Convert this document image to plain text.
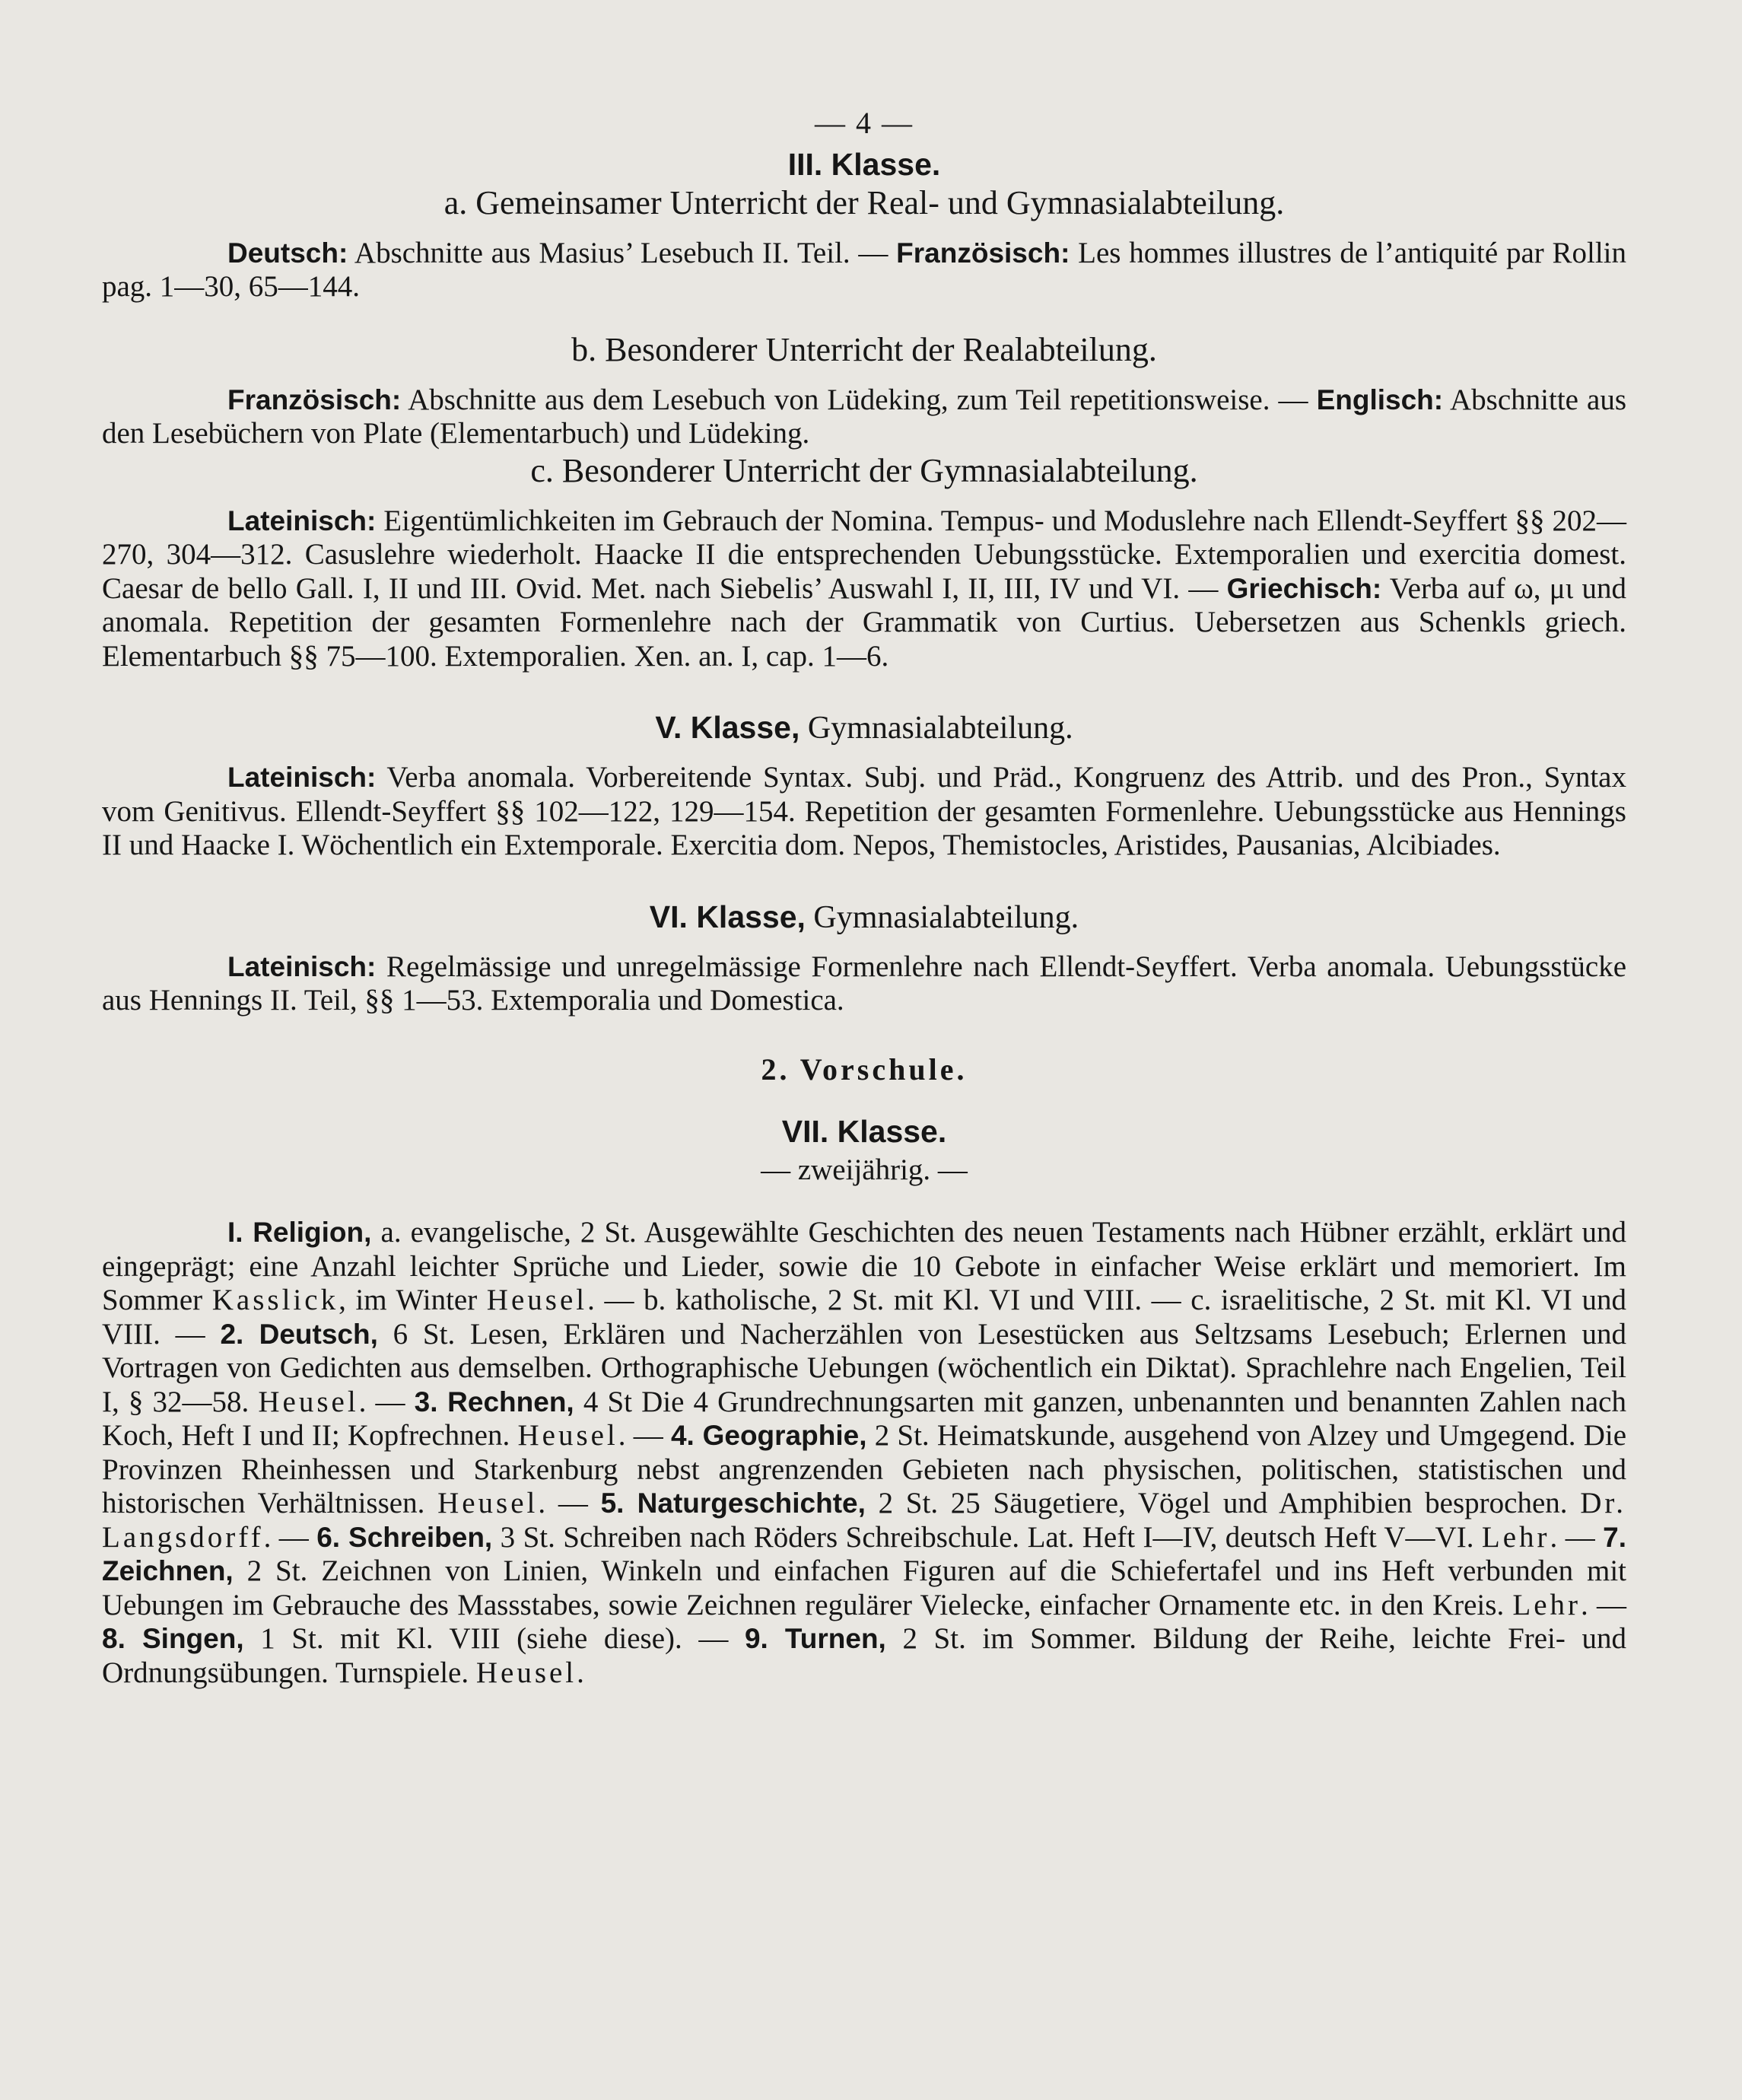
— 4 —

III. Klasse.

a. Gemeinsamer Unterricht der Real- und Gymnasialabteilung.

Deutsch: Abschnitte aus Masius’ Lesebuch II. Teil. — Französisch: Les hommes illustres de l’antiquité par Rollin pag. 1—30, 65—144.

b. Besonderer Unterricht der Realabteilung.

Französisch: Abschnitte aus dem Lesebuch von Lüdeking, zum Teil repetitionsweise. — Englisch: Abschnitte aus den Lesebüchern von Plate (Elementarbuch) und Lüdeking.

c. Besonderer Unterricht der Gymnasialabteilung.

Lateinisch: Eigentümlichkeiten im Gebrauch der Nomina. Tempus- und Moduslehre nach Ellendt-Seyffert §§ 202—270, 304—312. Casuslehre wiederholt. Haacke II die entsprechenden Uebungsstücke. Extemporalien und exercitia domest. Caesar de bello Gall. I, II und III. Ovid. Met. nach Siebelis’ Auswahl I, II, III, IV und VI. — Griechisch: Verba auf ω, μι und anomala. Repetition der gesamten Formenlehre nach der Grammatik von Curtius. Uebersetzen aus Schenkls griech. Elementarbuch §§ 75—100. Extemporalien. Xen. an. I, cap. 1—6.

V. Klasse, Gymnasialabteilung.

Lateinisch: Verba anomala. Vorbereitende Syntax. Subj. und Präd., Kongruenz des Attrib. und des Pron., Syntax vom Genitivus. Ellendt-Seyffert §§ 102—122, 129—154. Repetition der gesamten Formenlehre. Uebungsstücke aus Hennings II und Haacke I. Wöchentlich ein Extemporale. Exercitia dom. Nepos, Themistocles, Aristides, Pausanias, Alcibiades.

VI. Klasse, Gymnasialabteilung.

Lateinisch: Regelmässige und unregelmässige Formenlehre nach Ellendt-Seyffert. Verba anomala. Uebungsstücke aus Hennings II. Teil, §§ 1—53. Extemporalia und Domestica.

2. Vorschule.

VII. Klasse.

— zweijährig. —

I. Religion, a. evangelische, 2 St. Ausgewählte Geschichten des neuen Testaments nach Hübner erzählt, erklärt und eingeprägt; eine Anzahl leichter Sprüche und Lieder, sowie die 10 Gebote in einfacher Weise erklärt und memoriert. Im Sommer Kasslick, im Winter Heusel. — b. katholische, 2 St. mit Kl. VI und VIII. — c. israelitische, 2 St. mit Kl. VI und VIII. — 2. Deutsch, 6 St. Lesen, Erklären und Nacherzählen von Lesestücken aus Seltzsams Lesebuch; Erlernen und Vortragen von Gedichten aus demselben. Orthographische Uebungen (wöchentlich ein Diktat). Sprachlehre nach Engelien, Teil I, § 32—58. Heusel. — 3. Rechnen, 4 St Die 4 Grundrechnungsarten mit ganzen, unbenannten und benannten Zahlen nach Koch, Heft I und II; Kopfrechnen. Heusel. — 4. Geographie, 2 St. Heimatskunde, ausgehend von Alzey und Umgegend. Die Provinzen Rheinhessen und Starkenburg nebst angrenzenden Gebieten nach physischen, politischen, statistischen und historischen Verhältnissen. Heusel. — 5. Naturgeschichte, 2 St. 25 Säugetiere, Vögel und Amphibien besprochen. Dr. Langsdorff. — 6. Schreiben, 3 St. Schreiben nach Röders Schreibschule. Lat. Heft I—IV, deutsch Heft V—VI. Lehr. — 7. Zeichnen, 2 St. Zeichnen von Linien, Winkeln und einfachen Figuren auf die Schiefertafel und ins Heft verbunden mit Uebungen im Gebrauche des Massstabes, sowie Zeichnen regulärer Vielecke, einfacher Ornamente etc. in den Kreis. Lehr. — 8. Singen, 1 St. mit Kl. VIII (siehe diese). — 9. Turnen, 2 St. im Sommer. Bildung der Reihe, leichte Frei- und Ordnungsübungen. Turnspiele. Heusel.
